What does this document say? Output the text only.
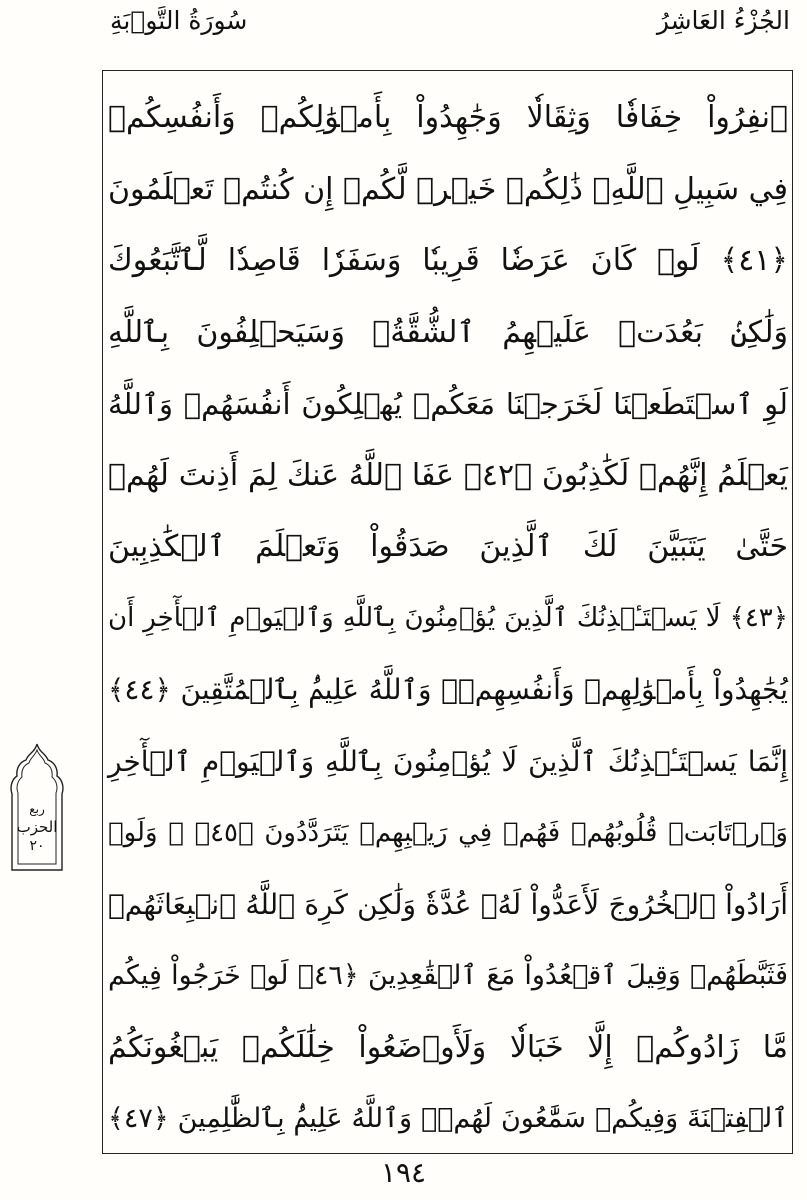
الجُزْءُ العَاشِرُ
سُورَةُ التَّوۡبَةِ
ٱنفِرُواْ خِفَافٗا وَثِقَالٗا وَجَٰهِدُواْ بِأَمۡوَٰلِكُمۡ وَأَنفُسِكُمۡ
فِي سَبِيلِ ٱللَّهِۚ ذَٰلِكُمۡ خَيۡرٞ لَّكُمۡ إِن كُنتُمۡ تَعۡلَمُونَ
﴿٤١﴾ لَوۡ كَانَ عَرَضٗا قَرِيبٗا وَسَفَرٗا قَاصِدٗا لَّٱتَّبَعُوكَ
وَلَٰكِنۢ بَعُدَتۡ عَلَيۡهِمُ ٱلشُّقَّةُۚ وَسَيَحۡلِفُونَ بِٱللَّهِ
لَوِ ٱسۡتَطَعۡنَا لَخَرَجۡنَا مَعَكُمۡ يُهۡلِكُونَ أَنفُسَهُمۡ وَٱللَّهُ
يَعۡلَمُ إِنَّهُمۡ لَكَٰذِبُونَ ﴿٤٢﴾ عَفَا ٱللَّهُ عَنكَ لِمَ أَذِنتَ لَهُمۡ
حَتَّىٰ يَتَبَيَّنَ لَكَ ٱلَّذِينَ صَدَقُواْ وَتَعۡلَمَ ٱلۡكَٰذِبِينَ
﴿٤٣﴾ لَا يَسۡتَـٔۡذِنُكَ ٱلَّذِينَ يُؤۡمِنُونَ بِٱللَّهِ وَٱلۡيَوۡمِ ٱلۡأٓخِرِ أَن
يُجَٰهِدُواْ بِأَمۡوَٰلِهِمۡ وَأَنفُسِهِمۡۗ وَٱللَّهُ عَلِيمُۢ بِٱلۡمُتَّقِينَ ﴿٤٤﴾
إِنَّمَا يَسۡتَـٔۡذِنُكَ ٱلَّذِينَ لَا يُؤۡمِنُونَ بِٱللَّهِ وَٱلۡيَوۡمِ ٱلۡأٓخِرِ
وَٱرۡتَابَتۡ قُلُوبُهُمۡ فَهُمۡ فِي رَيۡبِهِمۡ يَتَرَدَّدُونَ ﴿٤٥﴾ ۞ وَلَوۡ
أَرَادُواْ ٱلۡخُرُوجَ لَأَعَدُّواْ لَهُۥ عُدَّةٗ وَلَٰكِن كَرِهَ ٱللَّهُ ٱنۢبِعَاثَهُمۡ
فَثَبَّطَهُمۡ وَقِيلَ ٱقۡعُدُواْ مَعَ ٱلۡقَٰعِدِينَ ﴿٤٦﴾ لَوۡ خَرَجُواْ فِيكُم
مَّا زَادُوكُمۡ إِلَّا خَبَالٗا وَلَأَوۡضَعُواْ خِلَٰلَكُمۡ يَبۡغُونَكُمُ
ٱلۡفِتۡنَةَ وَفِيكُمۡ سَمَّٰعُونَ لَهُمۡۗ وَٱللَّهُ عَلِيمُۢ بِٱلظَّٰلِمِينَ ﴿٤٧﴾
ربع
الحزب
٢٠
١٩٤
